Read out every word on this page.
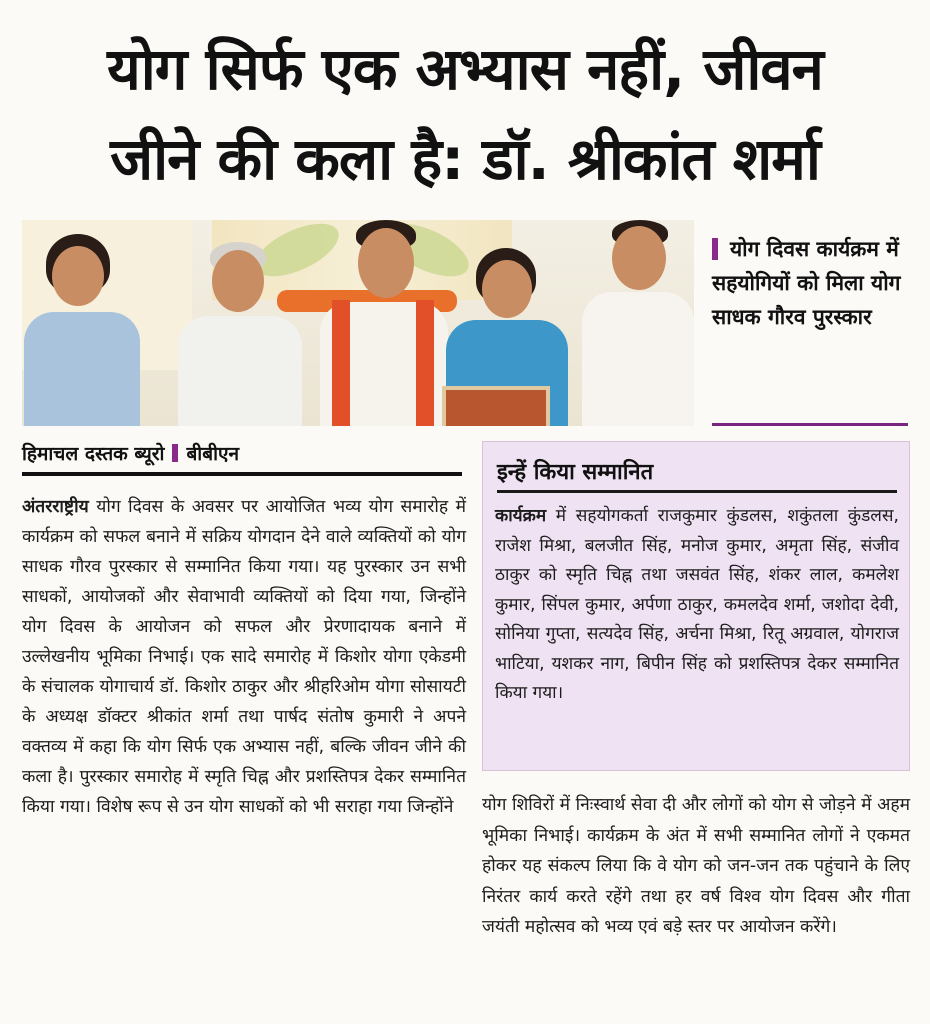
योग सिर्फ एक अभ्यास नहीं, जीवन
जीने की कला है: डॉ. श्रीकांत शर्मा
योग दिवस कार्यक्रम में सहयोगियों को मिला योग साधक गौरव पुरस्कार
हिमाचल दस्तक ब्यूरो बीबीएन
अंतरराष्ट्रीय योग दिवस के अवसर पर आयोजित भव्य योग समारोह में कार्यक्रम को सफल बनाने में सक्रिय योगदान देने वाले व्यक्तियों को योग साधक गौरव पुरस्कार से सम्मानित किया गया। यह पुरस्कार उन सभी साधकों, आयोजकों और सेवाभावी व्यक्तियों को दिया गया, जिन्होंने योग दिवस के आयोजन को सफल और प्रेरणादायक बनाने में उल्लेखनीय भूमिका निभाई। एक सादे समारोह में किशोर योगा एकेडमी के संचालक योगाचार्य डॉ. किशोर ठाकुर और श्रीहरिओम योगा सोसायटी के अध्यक्ष डॉक्टर श्रीकांत शर्मा तथा पार्षद संतोष कुमारी ने अपने वक्तव्य में कहा कि योग सिर्फ एक अभ्यास नहीं, बल्कि जीवन जीने की कला है। पुरस्कार समारोह में स्मृति चिह्न और प्रशस्तिपत्र देकर सम्मानित किया गया। विशेष रूप से उन योग साधकों को भी सराहा गया जिन्होंने
इन्हें किया सम्मानित
कार्यक्रम में सहयोगकर्ता राजकुमार कुंडलस, शकुंतला कुंडलस, राजेश मिश्रा, बलजीत सिंह, मनोज कुमार, अमृता सिंह, संजीव ठाकुर को स्मृति चिह्न तथा जसवंत सिंह, शंकर लाल, कमलेश कुमार, सिंपल कुमार, अर्पणा ठाकुर, कमलदेव शर्मा, जशोदा देवी, सोनिया गुप्ता, सत्यदेव सिंह, अर्चना मिश्रा, रितू अग्रवाल, योगराज भाटिया, यशकर नाग, बिपीन सिंह को प्रशस्तिपत्र देकर सम्मानित किया गया।
योग शिविरों में निःस्वार्थ सेवा दी और लोगों को योग से जोड़ने में अहम भूमिका निभाई। कार्यक्रम के अंत में सभी सम्मानित लोगों ने एकमत होकर यह संकल्प लिया कि वे योग को जन-जन तक पहुंचाने के लिए निरंतर कार्य करते रहेंगे तथा हर वर्ष विश्व योग दिवस और गीता जयंती महोत्सव को भव्य एवं बड़े स्तर पर आयोजन करेंगे।
